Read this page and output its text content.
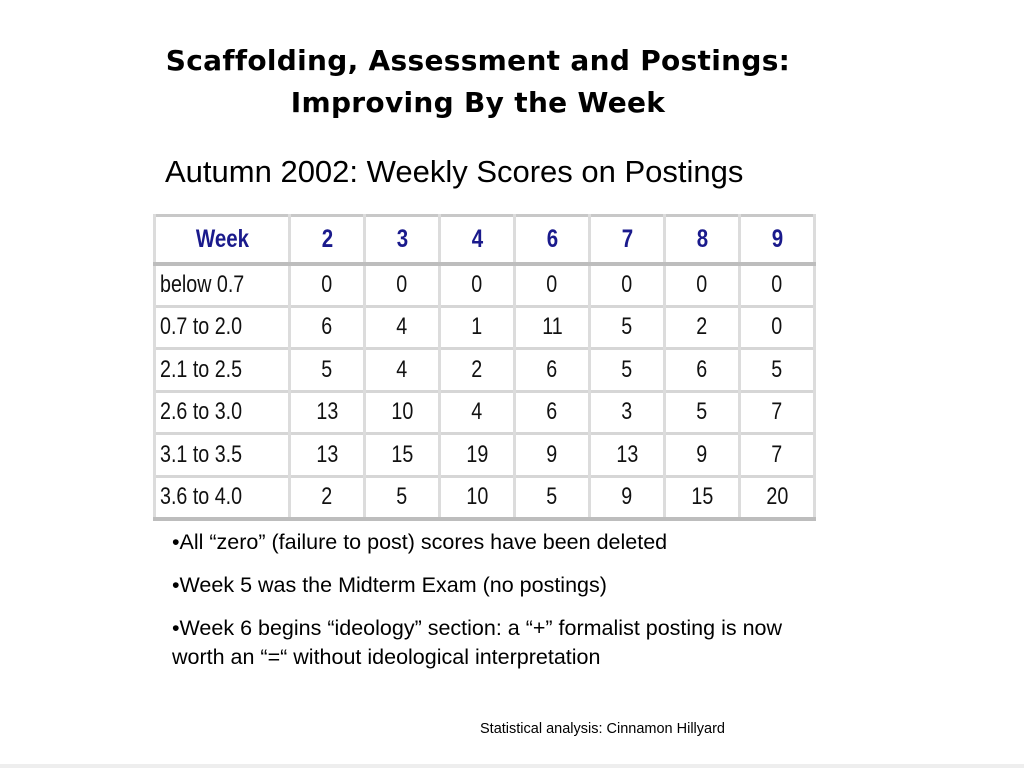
Scaffolding, Assessment and Postings:
Improving By the Week
Autumn 2002: Weekly Scores on Postings
Week	2	3	4	6	7	8	9
below 0.7	0	0	0	0	0	0	0
0.7 to 2.0	6	4	1	11	5	2	0
2.1 to 2.5	5	4	2	6	5	6	5
2.6 to 3.0	13	10	4	6	3	5	7
3.1 to 3.5	13	15	19	9	13	9	7
3.6 to 4.0	2	5	10	5	9	15	20

•All “zero” (failure to post) scores have been deleted

•Week 5 was the Midterm Exam (no postings)

•Week 6 begins “ideology” section: a “+” formalist posting is now worth an “=“ without ideological interpretation

Statistical analysis: Cinnamon Hillyard
